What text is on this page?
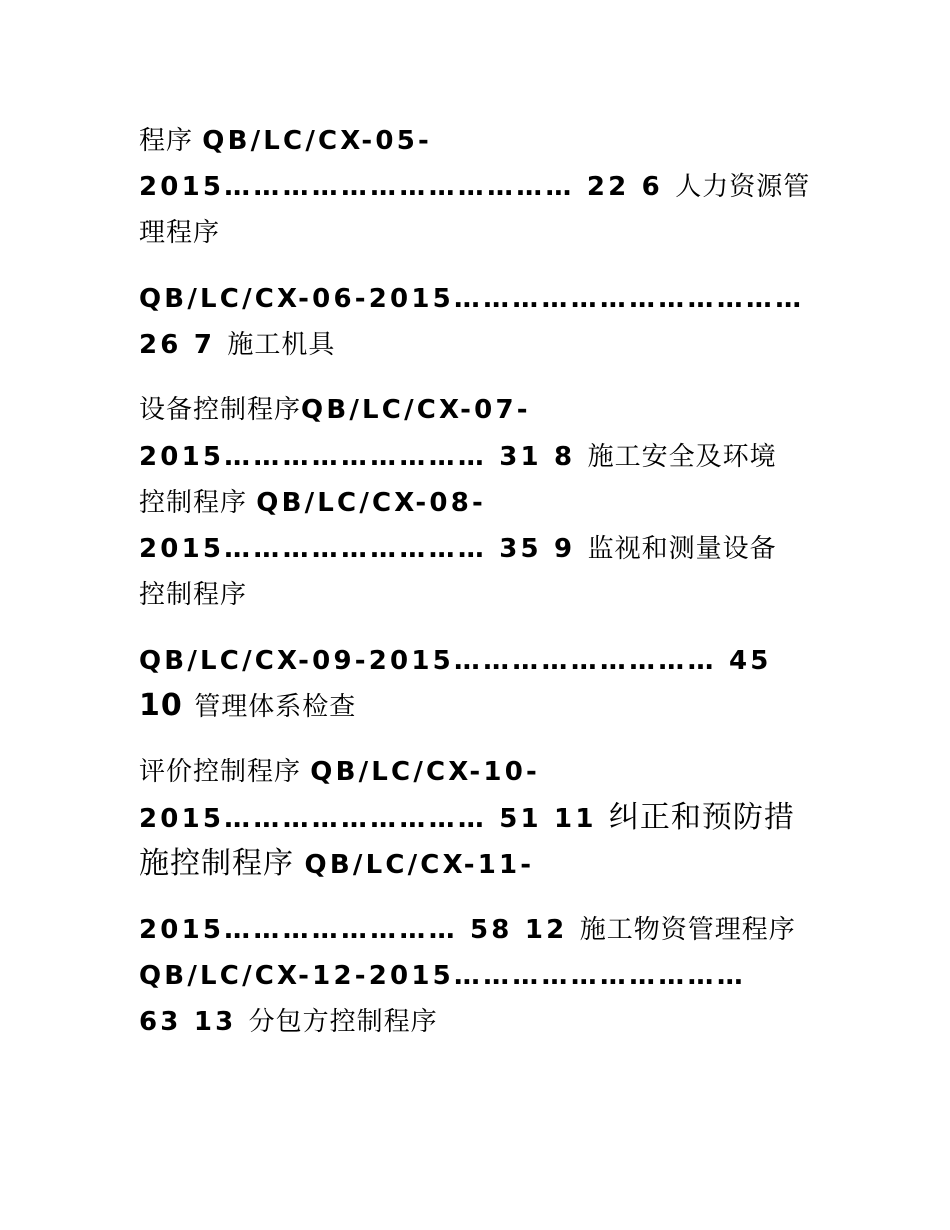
程序 QB/LC/CX-05-
2015……………………………… 22 6 人力资源管
理程序
QB/LC/CX-06-2015………………………………
26 7 施工机具
设备控制程序QB/LC/CX-07-
2015……………………… 31 8 施工安全及环境
控制程序 QB/LC/CX-08-
2015……………………… 35 9 监视和测量设备
控制程序
QB/LC/CX-09-2015……………………… 45
10 管理体系检查
评价控制程序 QB/LC/CX-10-
2015……………………… 51 11 纠正和预防措
施控制程序 QB/LC/CX-11-
2015…………………… 58 12 施工物资管理程序
QB/LC/CX-12-2015…………………………
63 13 分包方控制程序
